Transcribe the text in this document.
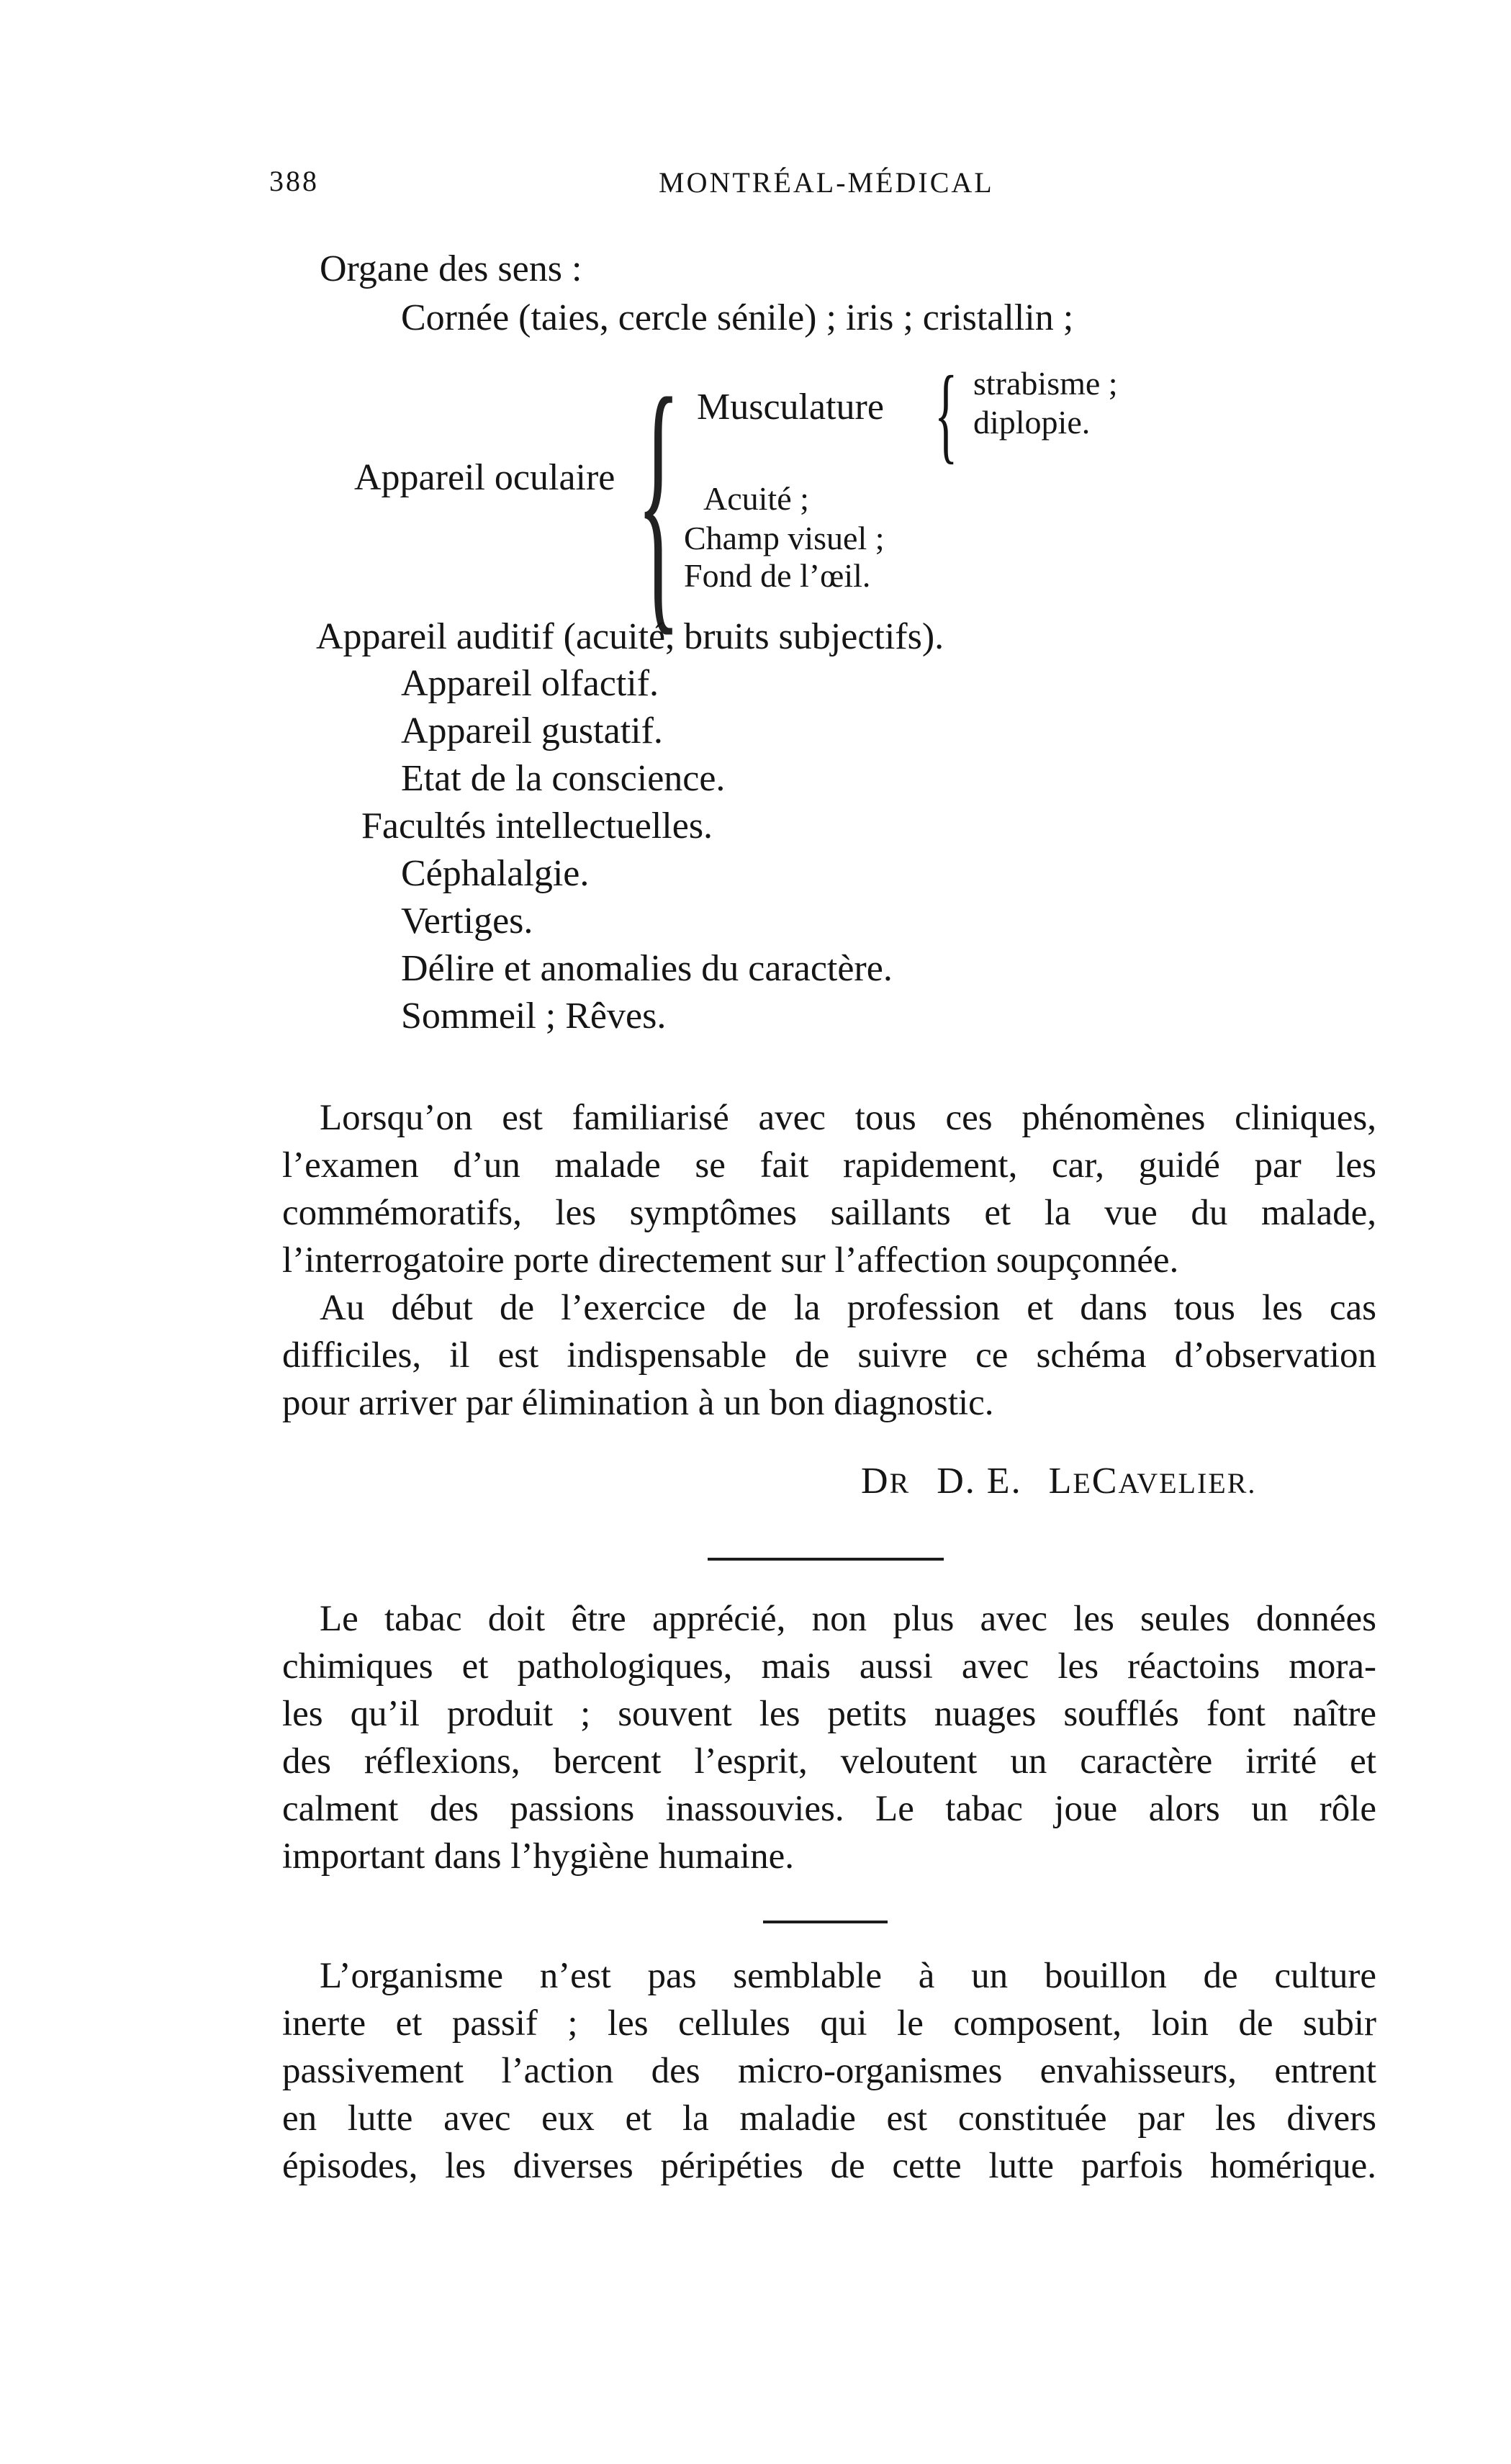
388	MONTRÉAL-MÉDICAL
Organe des sens :
Cornée (taies, cercle sénile) ; iris ; cristallin ;
Appareil oculaire { Musculature { strabisme ;
diplopie.
Acuité ;
Champ visuel ;
Fond de l’œil.
Appareil auditif (acuité, bruits subjectifs).
Appareil olfactif.
Appareil gustatif.
Etat de la conscience.
Facultés intellectuelles.
Céphalalgie.
Vertiges.
Délire et anomalies du caractère.
Sommeil ; Rêves.
Lorsqu’on est familiarisé avec tous ces phénomènes cliniques,
l’examen d’un malade se fait rapidement, car, guidé par les
commémoratifs, les symptômes saillants et la vue du malade,
l’interrogatoire porte directement sur l’affection soupçonnée.
Au début de l’exercice de la profession et dans tous les cas
difficiles, il est indispensable de suivre ce schéma d’observation
pour arriver par élimination à un bon diagnostic.
DR D. E. LECAVELIER.
Le tabac doit être apprécié, non plus avec les seules données
chimiques et pathologiques, mais aussi avec les réactoins mora-
les qu’il produit ; souvent les petits nuages soufflés font naître
des réflexions, bercent l’esprit, veloutent un caractère irrité et
calment des passions inassouvies. Le tabac joue alors un rôle
important dans l’hygiène humaine.
L’organisme n’est pas semblable à un bouillon de culture
inerte et passif ; les cellules qui le composent, loin de subir
passivement l’action des micro-organismes envahisseurs, entrent
en lutte avec eux et la maladie est constituée par les divers
épisodes, les diverses péripéties de cette lutte parfois homérique.
